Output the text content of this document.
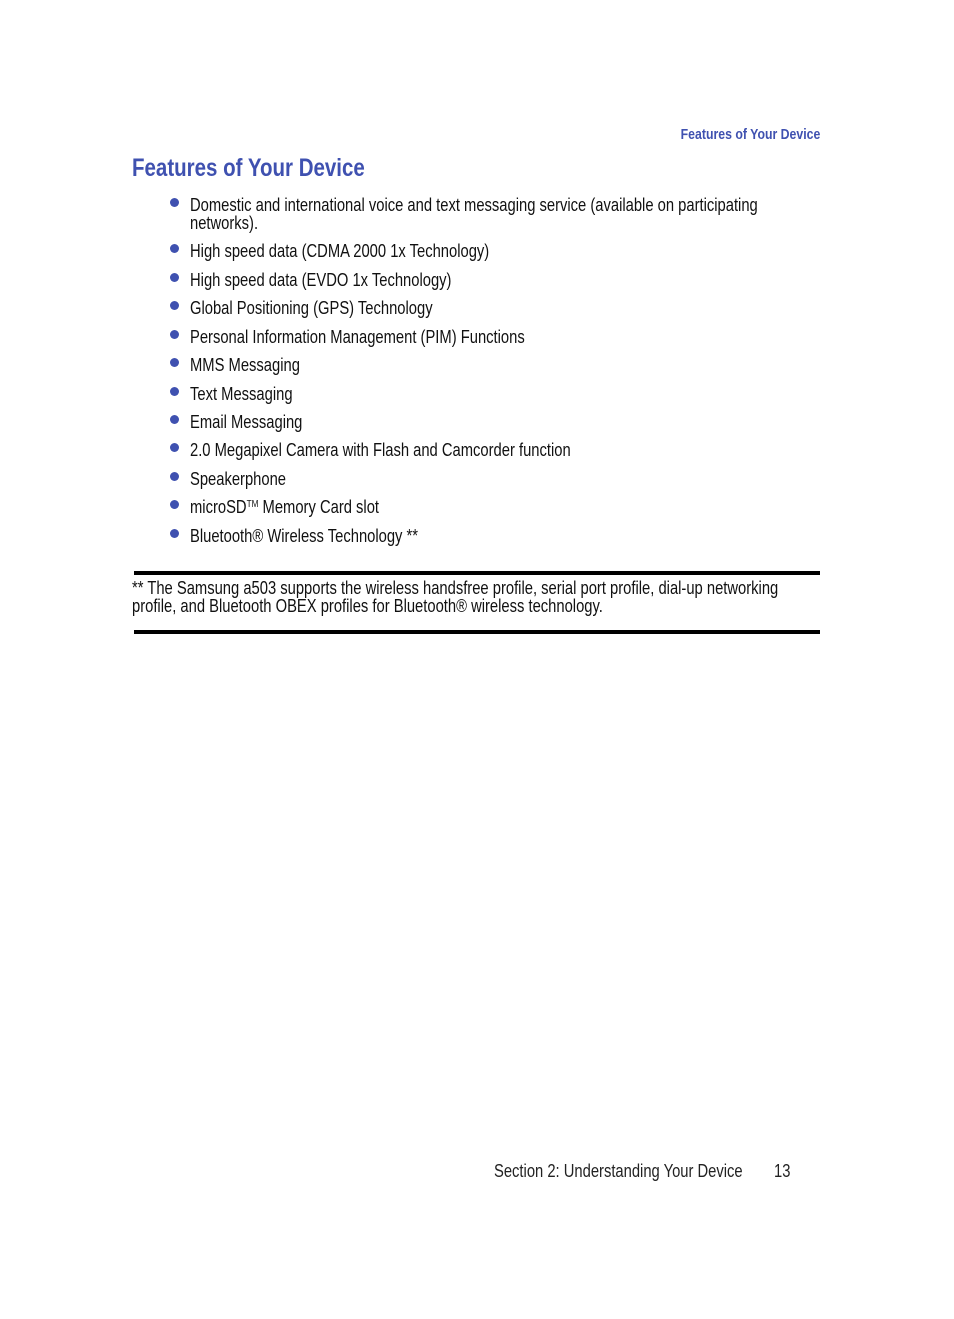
Features of Your Device
Features of Your Device
Domestic and international voice and text messaging service (available on participating
networks).
High speed data (CDMA 2000 1x Technology)
High speed data (EVDO 1x Technology)
Global Positioning (GPS) Technology
Personal Information Management (PIM) Functions
MMS Messaging
Text Messaging
Email Messaging
2.0 Megapixel Camera with Flash and Camcorder function
Speakerphone
microSD™ Memory Card slot
Bluetooth® Wireless Technology **
** The Samsung a503 supports the wireless handsfree profile, serial port profile, dial-up networking
profile, and Bluetooth OBEX profiles for Bluetooth® wireless technology.
Section 2: Understanding Your Device	13
